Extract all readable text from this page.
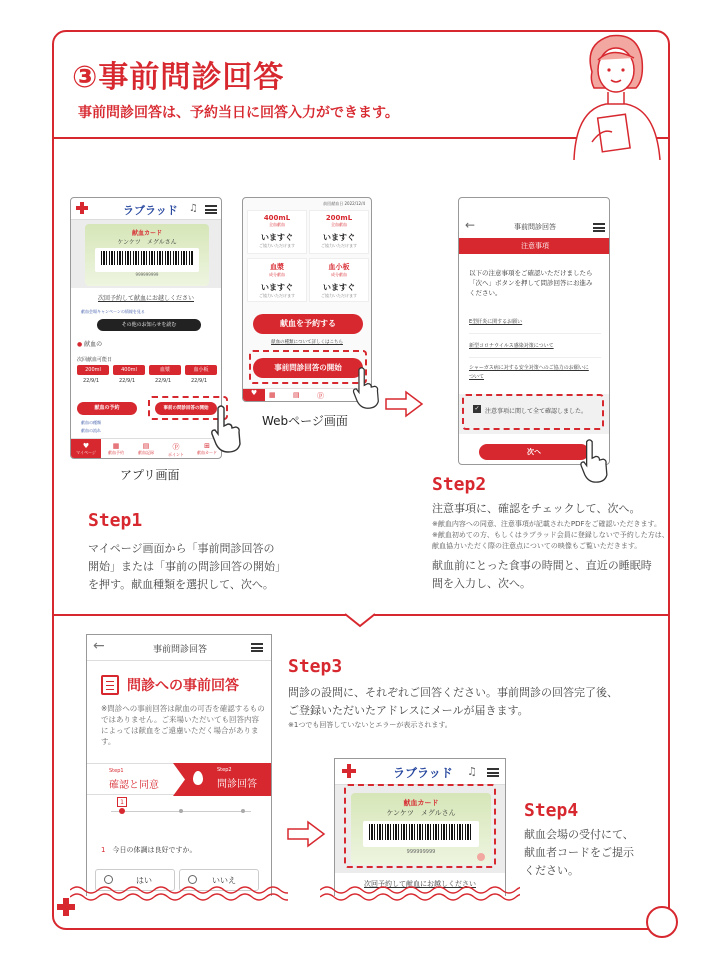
③事前問診回答
事前問診回答は、予約当日に回答入力ができます。
ラブラッド ♫
献血カード
ケンケツ　メグルさん
999999999
次回予約して献血にお越しください
献血会場キャンペーンの情報を見る
その他のお知らせを読む
● 献血の
次回献血可能日
200ml	400ml	血漿	血小板
22/9/1	22/9/1	22/9/1	22/9/1
献血の予約	事前の問診回答の開始
献血の種類
献血の流れ
♥
マイページ
▦
献血予約
▤
献血記録
ⓟ
ポイント
⊞
献血カード
アプリ画面
前回献血日 2022/12/4
400mL
全血献血
いますぐ
ご協力いただけます
200mL
全血献血
いますぐ
ご協力いただけます
血漿
成分献血
いますぐ
ご協力いただけます
血小板
成分献血
いますぐ
ご協力いただけます
献血を予約する
献血の種類について詳しくはこちら
事前問診回答の開始
♥	▦ ▤ ⓟ
Webページ画面
←	事前問診回答
注意事項
以下の注意事項をご確認いただけましたら「次へ」ボタンを押して問診回答にお進みください。
E型肝炎に関するお願い
新型コロナウイルス感染対策について
シャーガス病に対する安全対策へのご協力のお願いについて
✓ 注意事項に関して全て確認しました。
次へ
Step1
マイページ画面から「事前問診回答の
開始」または「事前の問診回答の開始」
を押す。献血種類を選択して、次へ。
Step2
注意事項に、確認をチェックして、次へ。
※献血内容への同意、注意事項が記載されたPDFをご確認いただきます。
※献血初めての方、もしくはラブラッド会員に登録しないで予約した方は、
献血協力いただく際の注意点についての映像もご覧いただきます。
献血前にとった食事の時間と、直近の睡眠時
間を入力し、次へ。
←	事前問診回答
問診への事前回答
※問診への事前回答は献血の可否を確認するものではありません。ご来場いただいても回答内容によっては献血をご遠慮いただく場合があります。
Step1
確認と同意
Step2
問診回答
1
1　 今日の体調は良好ですか。
はい	いいえ
Step3
問診の設問に、それぞれご回答ください。事前問診の回答完了後、
ご登録いただいたアドレスにメールが届きます。
※1つでも回答していないとエラーが表示されます。
ラブラッド ♫
献血カード
ケンケツ　メグルさん
999999999
次回予約して献血にお越しください
Step4
献血会場の受付にて、
献血者コードをご提示
ください。
